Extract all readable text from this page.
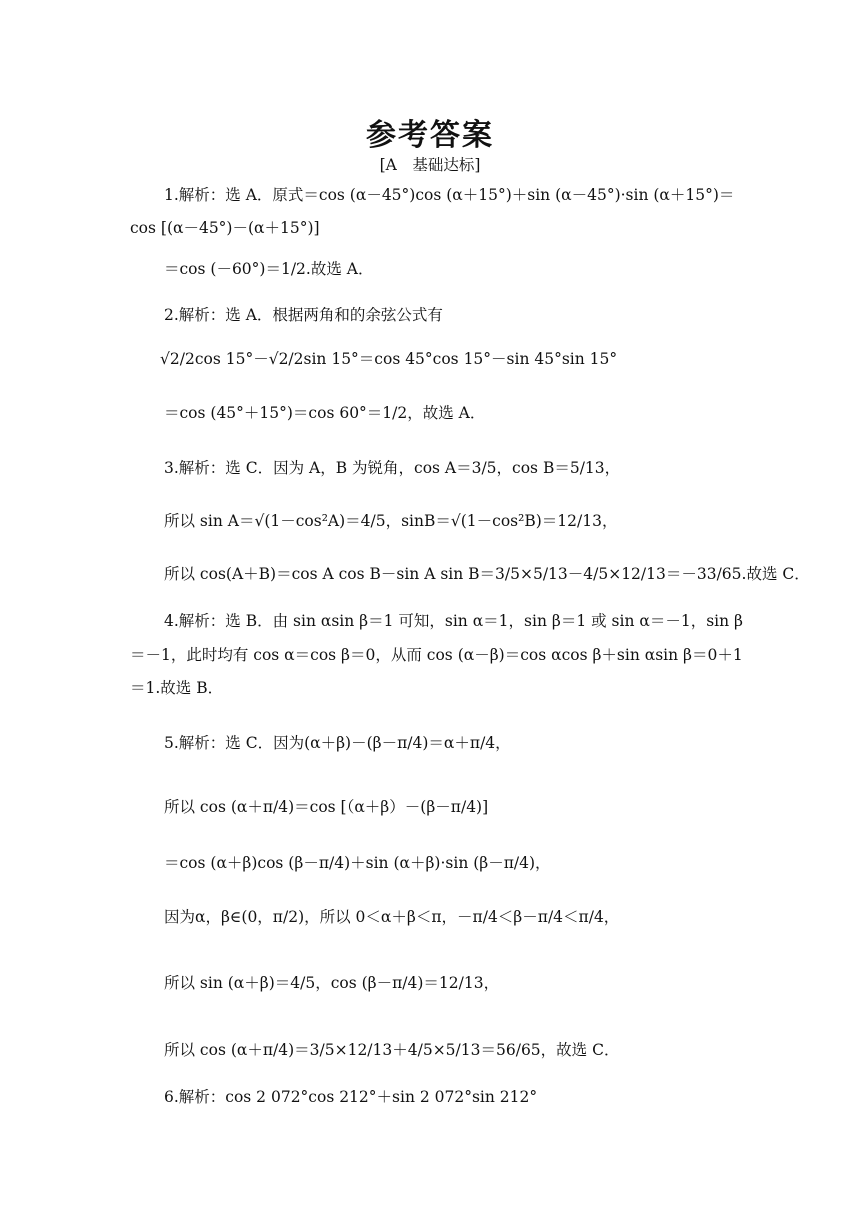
参考答案
[A　基础达标]
1.解析：选 A．原式＝cos (α－45°)cos (α＋15°)＋sin (α－45°)·sin (α＋15°)＝
cos [(α－45°)－(α＋15°)]
＝cos (－60°)＝1/2.故选 A．
2.解析：选 A．根据两角和的余弦公式有
√2/2cos 15°－√2/2sin 15°＝cos 45°cos 15°－sin 45°sin 15°
＝cos (45°＋15°)＝cos 60°＝1/2，故选 A．
3.解析：选 C．因为 A，B 为锐角，cos A＝3/5，cos B＝5/13，
所以 sin A＝√(1－cos²A)＝4/5，sinB＝√(1－cos²B)＝12/13，
所以 cos(A＋B)＝cos A cos B－sin A sin B＝3/5×5/13－4/5×12/13＝－33/65.故选 C．
4.解析：选 B．由 sin αsin β＝1 可知，sin α＝1，sin β＝1 或 sin α＝－1，sin β
＝－1，此时均有 cos α＝cos β＝0，从而 cos (α－β)＝cos αcos β＋sin αsin β＝0＋1
＝1.故选 B．
5.解析：选 C．因为(α＋β)－(β－π/4)＝α＋π/4，
所以 cos (α＋π/4)＝cos [（α＋β）－(β－π/4)]
＝cos (α＋β)cos (β－π/4)＋sin (α＋β)·sin (β－π/4)，
因为α，β∈(0，π/2)，所以 0＜α＋β＜π，－π/4＜β－π/4＜π/4，
所以 sin (α＋β)＝4/5，cos (β－π/4)＝12/13，
所以 cos (α＋π/4)＝3/5×12/13＋4/5×5/13＝56/65，故选 C．
6.解析：cos 2 072°cos 212°＋sin 2 072°sin 212°
